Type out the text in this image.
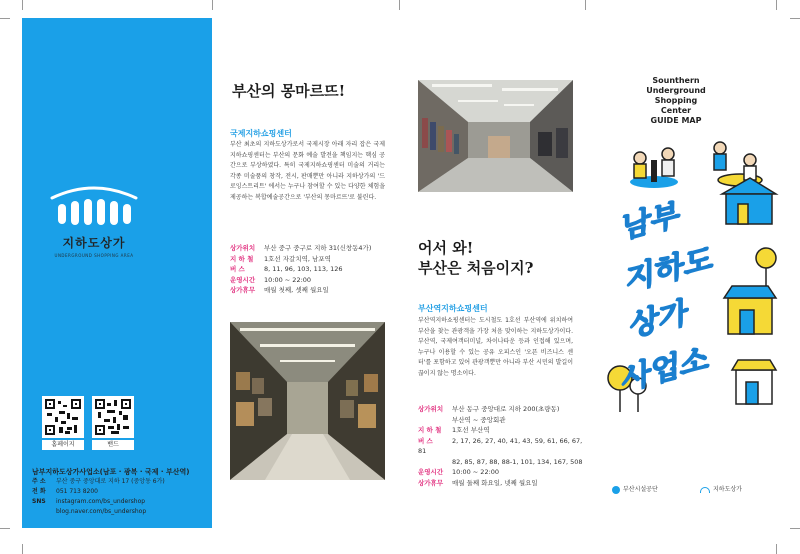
지하도상가
UNDERGROUND SHOPPING AREA
홈페이지	밴드
남부지하도상가사업소(남포 · 광복 · 국제 · 부산역)
주 소 부산 중구 중앙대로 지하 17 (중앙동 6가)
전 화 051 713 8200
SNS instagram.com/bs_undershop
blog.naver.com/bs_undershop
부산의 몽마르뜨!
국제지하쇼핑센터
부산 최초의 지하도상가로서 국제시장 아래 자리 잡은 국제지하쇼핑센터는 부산의 문화 예술 발전을 책임지는 핵심 공간으로 부상하였다. 특히 국제지하쇼핑센터 미술의 거리는 각종 미술품의 창작, 전시, 판매뿐만 아니라 지하상가의 '드로잉스트리트' 에서는 누구나 참여할 수 있는 다양한 체험을 제공하는 복합예술공간으로 '부산의 몽마르뜨'로 불린다.
상가위치 부산 중구 중구로 지하 31(신창동4가)
지 하 철 1호선 자갈치역, 남포역
버 스	8, 11, 96, 103, 113, 126
운영시간 10:00 ~ 22:00
상가휴무 매월 첫째, 셋째 월요일
어서 와!
부산은 처음이지?
부산역지하쇼핑센터
부산역지하쇼핑센터는 도시철도 1호선 부산역에 위치하여 부산을 찾는 관광객을 가장 처음 맞이하는 지하도상가이다. 부산역, 국제여객터미널, 차이나타운 등과 인접해 있으며, 누구나 이용할 수 있는 공유 오피스인 '오픈 비즈니스 센터'를 포함하고 있어 관광객뿐만 아니라 부산 시민의 발길이 끊이지 않는 명소이다.
상가위치 부산 동구 중앙대로 지하 200(초량동)
부산역 ~ 중앙회관
지 하 철 1호선 부산역
버 스	2, 17, 26, 27, 40, 41, 43, 59, 61, 66, 67, 81
82, 85, 87, 88, 88-1, 101, 134, 167, 508
운영시간 10:00 ~ 22:00
상가휴무 매월 둘째 화요일, 넷째 월요일
Sounthern
Underground
Shopping
Center
GUIDE MAP
남부
지하도
상가
사업소
부산시설공단	지하도상가
